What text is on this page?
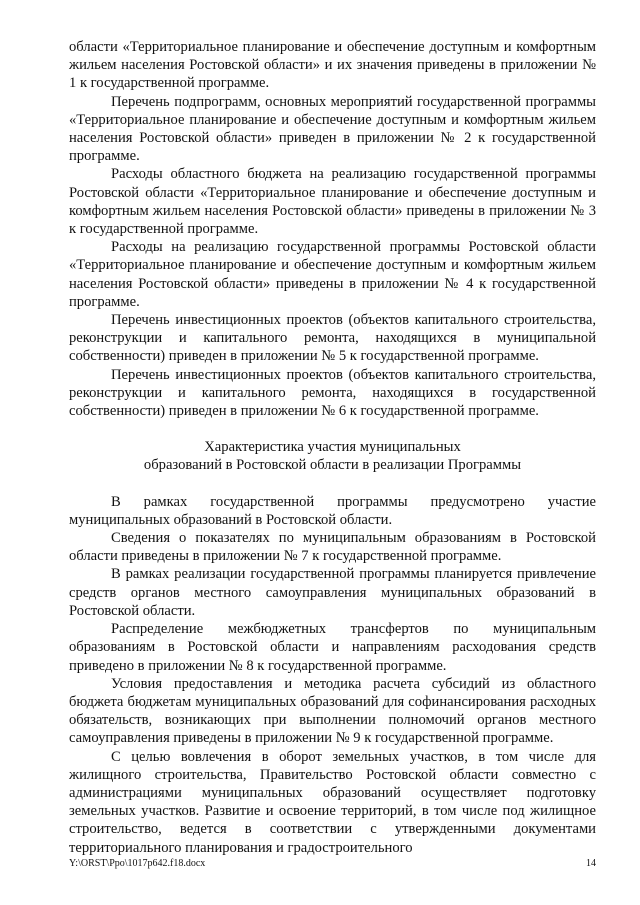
области «Территориальное планирование и обеспечение доступным и комфортным жильем населения Ростовской области» и их значения приведены в приложении № 1 к государственной программе.

Перечень подпрограмм, основных мероприятий государственной программы «Территориальное планирование и обеспечение доступным и комфортным жильем населения Ростовской области» приведен в приложении № 2 к государственной программе.

Расходы областного бюджета на реализацию государственной программы Ростовской области «Территориальное планирование и обеспечение доступным и комфортным жильем населения Ростовской области» приведены в приложении № 3 к государственной программе.

Расходы на реализацию государственной программы Ростовской области «Территориальное планирование и обеспечение доступным и комфортным жильем населения Ростовской области» приведены в приложении № 4 к государственной программе.

Перечень инвестиционных проектов (объектов капитального строительства, реконструкции и капитального ремонта, находящихся в муниципальной собственности) приведен в приложении № 5 к государственной программе.

Перечень инвестиционных проектов (объектов капитального строительства, реконструкции и капитального ремонта, находящихся в государственной собственности) приведен в приложении № 6 к государственной программе.

Характеристика участия муниципальных
образований в Ростовской области в реализации Программы

В рамках государственной программы предусмотрено участие муниципальных образований в Ростовской области.

Сведения о показателях по муниципальным образованиям в Ростовской области приведены в приложении № 7 к государственной программе.

В рамках реализации государственной программы планируется привлечение средств органов местного самоуправления муниципальных образований в Ростовской области.

Распределение межбюджетных трансфертов по муниципальным образованиям в Ростовской области и направлениям расходования средств приведено в приложении № 8 к государственной программе.

Условия предоставления и методика расчета субсидий из областного бюджета бюджетам муниципальных образований для софинансирования расходных обязательств, возникающих при выполнении полномочий органов местного самоуправления приведены в приложении № 9 к государственной программе.

С целью вовлечения в оборот земельных участков, в том числе для жилищного строительства, Правительство Ростовской области совместно с администрациями муниципальных образований осуществляет подготовку земельных участков. Развитие и освоение территорий, в том числе под жилищное строительство, ведется в соответствии с утвержденными документами территориального планирования и градостроительного

Y:\ORST\Ppo\1017p642.f18.docx	14
